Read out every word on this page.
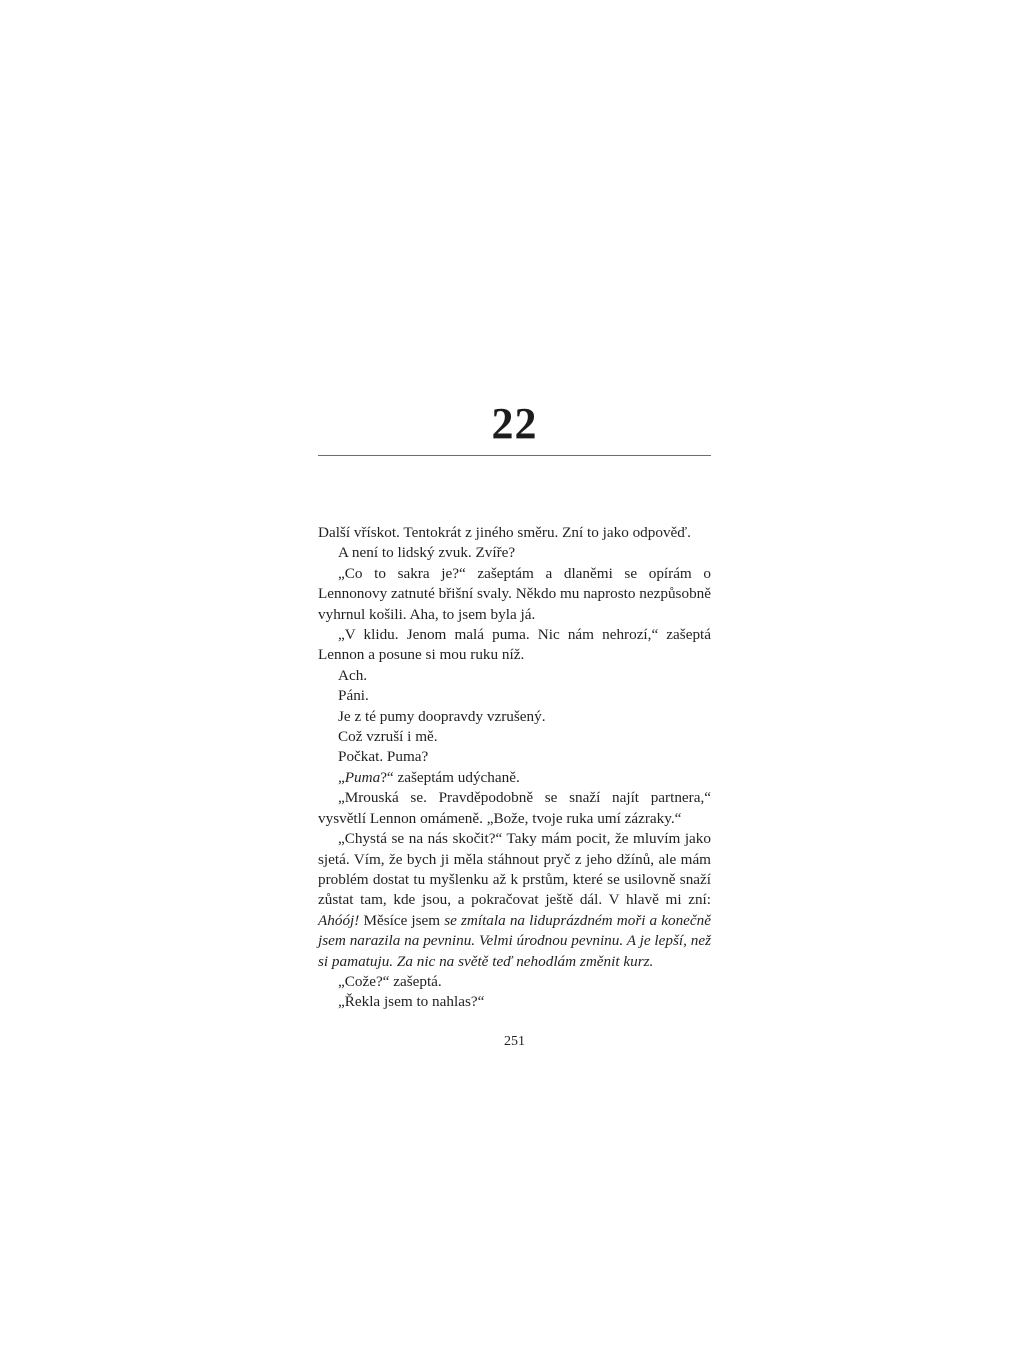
22

Další vřískot. Tentokrát z jiného směru. Zní to jako odpověď.

A není to lidský zvuk. Zvíře?

„Co to sakra je?“ zašeptám a dlaněmi se opírám o Lennonovy zatnuté břišní svaly. Někdo mu naprosto nezpůsobně vyhrnul košili. Aha, to jsem byla já.

„V klidu. Jenom malá puma. Nic nám nehrozí,“ zašeptá Lennon a posune si mou ruku níž.

Ach.

Páni.

Je z té pumy doopravdy vzrušený.

Což vzruší i mě.

Počkat. Puma?

„Puma?“ zašeptám udýchaně.

„Mrouská se. Pravděpodobně se snaží najít partnera,“ vysvětlí Lennon omámeně. „Bože, tvoje ruka umí zázraky.“

„Chystá se na nás skočit?“ Taky mám pocit, že mluvím jako sjetá. Vím, že bych ji měla stáhnout pryč z jeho džínů, ale mám problém dostat tu myšlenku až k prstům, které se usilovně snaží zůstat tam, kde jsou, a pokračovat ještě dál. V hlavě mi zní: Ahóój! Měsíce jsem se zmítala na liduprázdném moři a konečně jsem narazila na pevninu. Velmi úrodnou pevninu. A je lepší, než si pamatuju. Za nic na světě teď nehodlám změnit kurz.

„Cože?“ zašeptá.

„Řekla jsem to nahlas?“

251
